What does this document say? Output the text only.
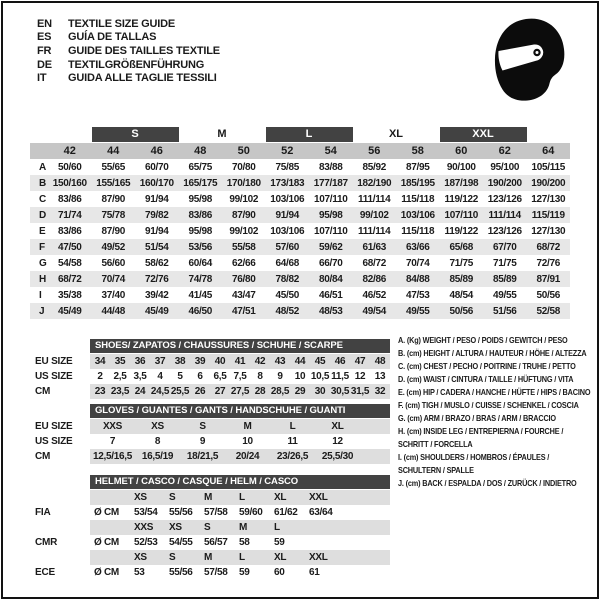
EN	TEXTILE SIZE GUIDE
ES	GUÍA DE TALLAS
FR	GUIDE DES TAILLES TEXTILE
DE	TEXTILGRÖßENFÜHRUNG
IT	GUIDA ALLE TAGLIE TESSILI
S	M	L	XL	XXL
42	44	46	48	50	52	54	56	58	60	62	64
A	50/60	55/65	60/70	65/75	70/80	75/85	83/88	85/92	87/95	90/100	95/100	105/115
B 150/160 155/165 160/170 165/175 170/180 173/183 177/187 182/190 185/195 187/198 190/200 190/200
C	83/86	87/90	91/94	95/98	99/102	103/106 107/110	111/114	115/118	119/122 123/126 127/130
D	71/74	75/78	79/82	83/86	87/90	91/94	95/98	99/102	103/106 107/110	111/114	115/119
E	83/86	87/90	91/94	95/98	99/102	103/106 107/110	111/114	115/118	119/122 123/126 127/130
F	47/50	49/52	51/54	53/56	55/58	57/60	59/62	61/63	63/66	65/68	67/70	68/72
G	54/58	56/60	58/62	60/64	62/66	64/68	66/70	68/72	70/74	71/75	71/75	72/76
H	68/72	70/74	72/76	74/78	76/80	78/82	80/84	82/86	84/88	85/89	85/89	87/91
I	35/38	37/40	39/42	41/45	43/47	45/50	46/51	46/52	47/53	48/54	49/55	50/56
J	45/49	44/48	45/49	46/50	47/51	48/52	48/53	49/54	49/55	50/56	51/56	52/58
SHOES/ ZAPATOS / CHAUSSURES / SCHUHE / SCARPE
EU SIZE	34 35 36 37 38 39 40 41 42 43 44 45 46 47 48
US SIZE	2	2,5 3,5	4	5	6	6,5 7,5	8	9	10 10,5 11,5 12 13
CM	23 23,5 24 24,5 25,5 26 27 27,5 28 28,5 29 30 30,5 31,5 32
GLOVES / GUANTES / GANTS / HANDSCHUHE / GUANTI
EU SIZE	XXS	XS	S	M	L	XL
US SIZE	7	8	9	10	11	12
CM	12,5/16,5 16,5/19	18/21,5	20/24	23/26,5	25,5/30
HELMET / CASCO / CASQUE / HELM / CASCO
XS	S	M	L	XL	XXL
FIA	Ø CM	53/54	55/56	57/58	59/60	61/62	63/64
XXS	XS	S	M	L
CMR	Ø CM	52/53	54/55	56/57	58	59
XS	S	M	L	XL	XXL
ECE	Ø CM	53	55/56	57/58	59	60	61
A. (Kg) WEIGHT / PESO / POIDS / GEWITCH / PESO
B. (cm) HEIGHT / ALTURA / HAUTEUR / HÖHE / ALTEZZA
C. (cm) CHEST / PECHO / POITRINE / TRUHE / PETTO
D. (cm) WAIST / CINTURA / TAILLE / HÜFTUNG / VITA
E. (cm) HIP / CADERA / HANCHE / HÜFTE / HIPS / BACINO
F. (cm) TIGH / MUSLO / CUISSE / SCHENKEL / COSCIA
G. (cm) ARM / BRAZO / BRAS / ARM / BRACCIO
H. (cm) INSIDE LEG / ENTREPIERNA / FOURCHE /
SCHRITT / FORCELLA
I. (cm) SHOULDERS / HOMBROS / ÉPAULES /
SCHULTERN / SPALLE
J. (cm) BACK / ESPALDA / DOS / ZURÜCK / INDIETRO
